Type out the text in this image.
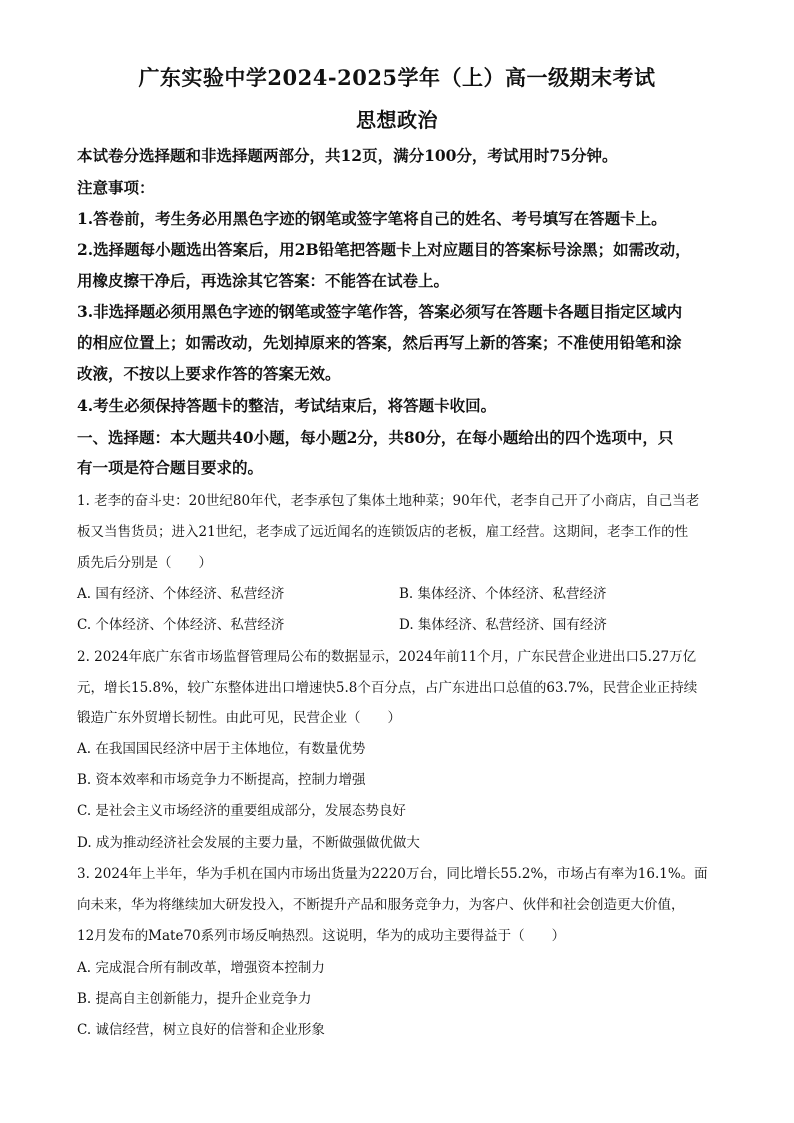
广东实验中学2024-2025学年（上）高一级期末考试
思想政治
本试卷分选择题和非选择题两部分，共12页，满分100分，考试用时75分钟。
注意事项：
1.答卷前，考生务必用黑色字迹的钢笔或签字笔将自己的姓名、考号填写在答题卡上。
2.选择题每小题选出答案后，用2B铅笔把答题卡上对应题目的答案标号涂黑；如需改动，
用橡皮擦干净后，再选涂其它答案：不能答在试卷上。
3.非选择题必须用黑色字迹的钢笔或签字笔作答，答案必须写在答题卡各题目指定区域内
的相应位置上；如需改动，先划掉原来的答案，然后再写上新的答案；不准使用铅笔和涂
改液，不按以上要求作答的答案无效。
4.考生必须保持答题卡的整洁，考试结束后，将答题卡收回。
一、选择题：本大题共40小题，每小题2分，共80分，在每小题给出的四个选项中，只
有一项是符合题目要求的。
1. 老李的奋斗史：20世纪80年代，老李承包了集体土地种菜；90年代，老李自己开了小商店，自己当老
板又当售货员；进入21世纪，老李成了远近闻名的连锁饭店的老板，雇工经营。这期间，老李工作的性
质先后分别是（　　）
A. 国有经济、个体经济、私营经济	B. 集体经济、个体经济、私营经济
C. 个体经济、个体经济、私营经济	D. 集体经济、私营经济、国有经济
2. 2024年底广东省市场监督管理局公布的数据显示，2024年前11个月，广东民营企业进出口5.27万亿
元，增长15.8%，较广东整体进出口增速快5.8个百分点，占广东进出口总值的63.7%，民营企业正持续
锻造广东外贸增长韧性。由此可见，民营企业（　　）
A. 在我国国民经济中居于主体地位，有数量优势
B. 资本效率和市场竞争力不断提高，控制力增强
C. 是社会主义市场经济的重要组成部分，发展态势良好
D. 成为推动经济社会发展的主要力量，不断做强做优做大
3. 2024年上半年，华为手机在国内市场出货量为2220万台，同比增长55.2%，市场占有率为16.1%。面
向未来，华为将继续加大研发投入，不断提升产品和服务竞争力，为客户、伙伴和社会创造更大价值，
12月发布的Mate70系列市场反响热烈。这说明，华为的成功主要得益于（　　）
A. 完成混合所有制改革，增强资本控制力
B. 提高自主创新能力，提升企业竞争力
C. 诚信经营，树立良好的信誉和企业形象
